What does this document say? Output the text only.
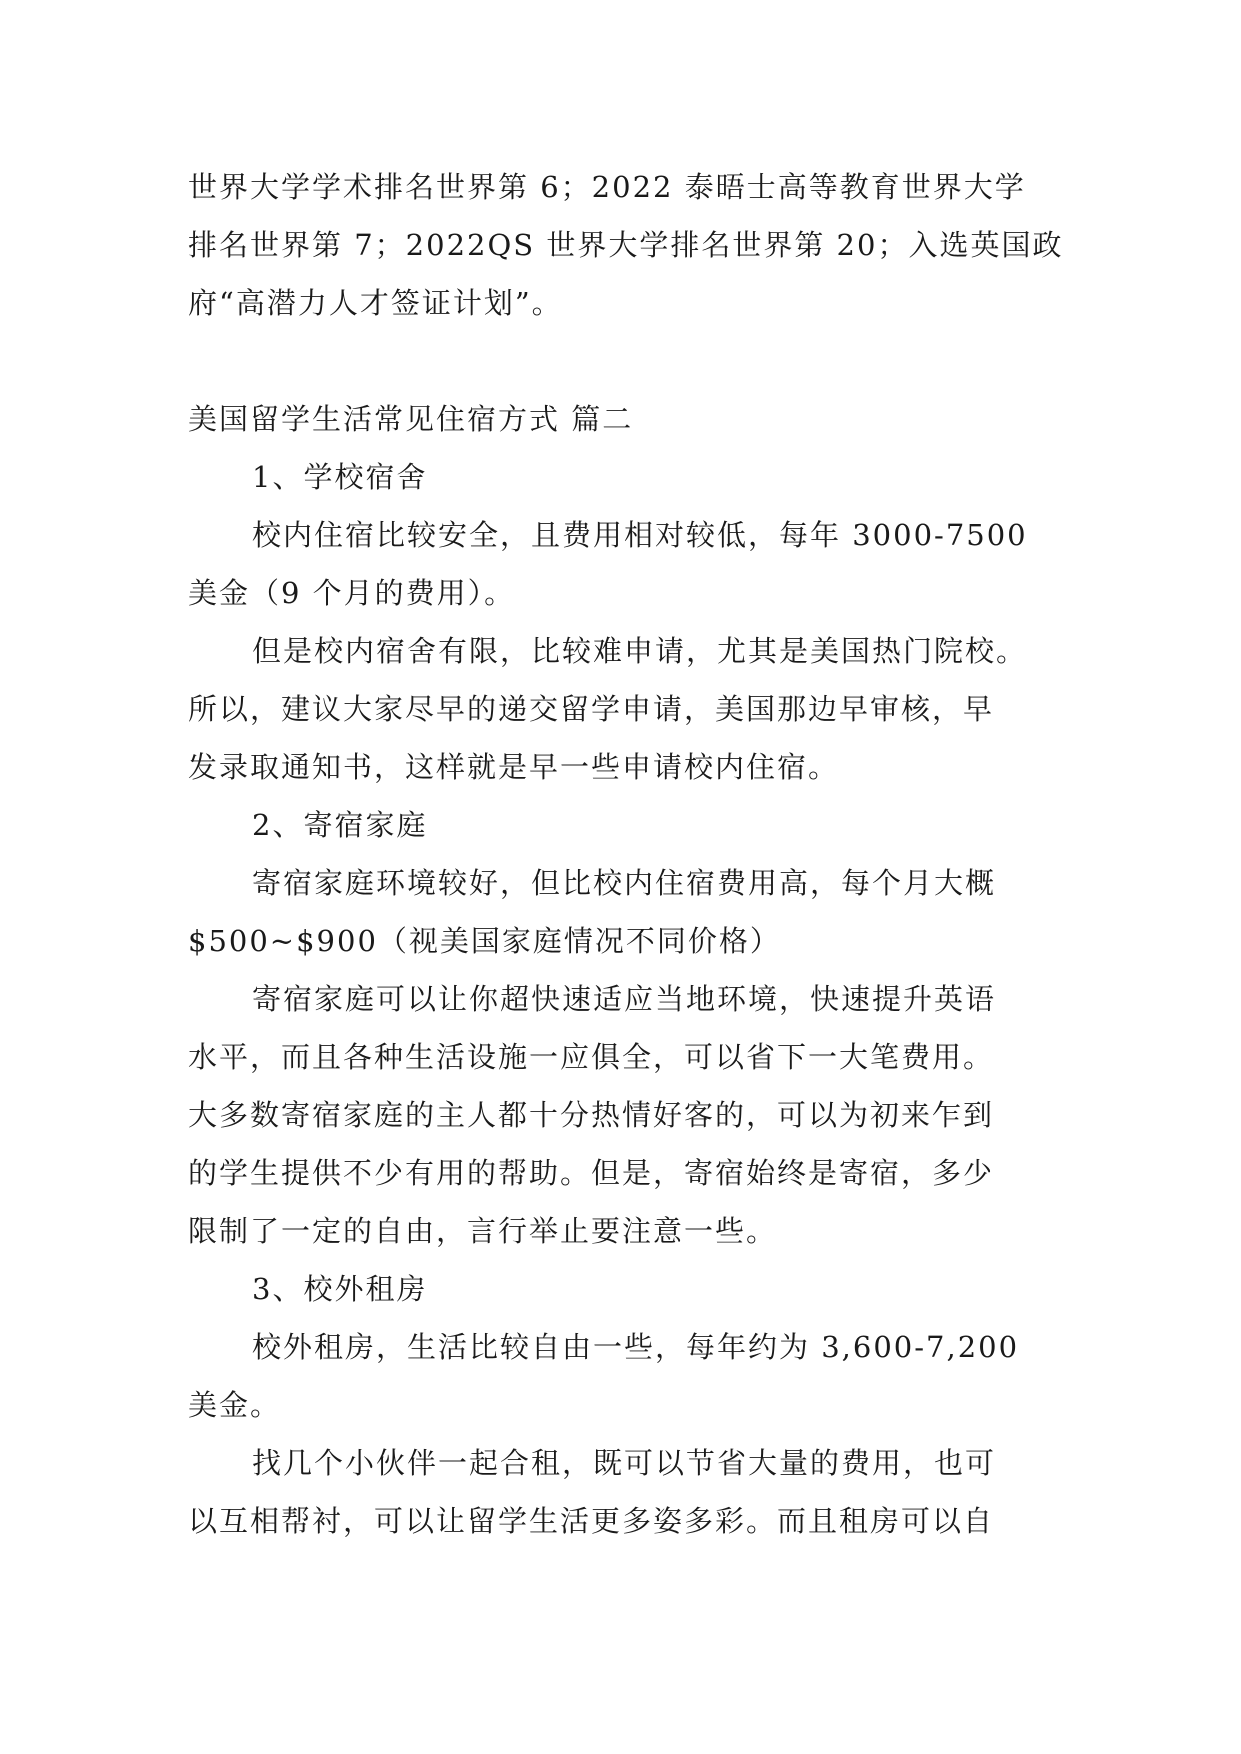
世界大学学术排名世界第 6；2022 泰晤士高等教育世界大学
排名世界第 7；2022QS 世界大学排名世界第 20；入选英国政
府“高潜力人才签证计划”。

美国留学生活常见住宿方式 篇二

1、学校宿舍

校内住宿比较安全，且费用相对较低，每年 3000-7500

美金（9 个月的费用）。

但是校内宿舍有限，比较难申请，尤其是美国热门院校。

所以，建议大家尽早的递交留学申请，美国那边早审核，早
发录取通知书，这样就是早一些申请校内住宿。

2、寄宿家庭

寄宿家庭环境较好，但比校内住宿费用高，每个月大概

$500~$900（视美国家庭情况不同价格）

寄宿家庭可以让你超快速适应当地环境，快速提升英语

水平，而且各种生活设施一应俱全，可以省下一大笔费用。
大多数寄宿家庭的主人都十分热情好客的，可以为初来乍到
的学生提供不少有用的帮助。但是，寄宿始终是寄宿，多少
限制了一定的自由，言行举止要注意一些。

3、校外租房

校外租房，生活比较自由一些，每年约为 3,600-7,200

美金。

找几个小伙伴一起合租，既可以节省大量的费用，也可

以互相帮衬，可以让留学生活更多姿多彩。而且租房可以自
